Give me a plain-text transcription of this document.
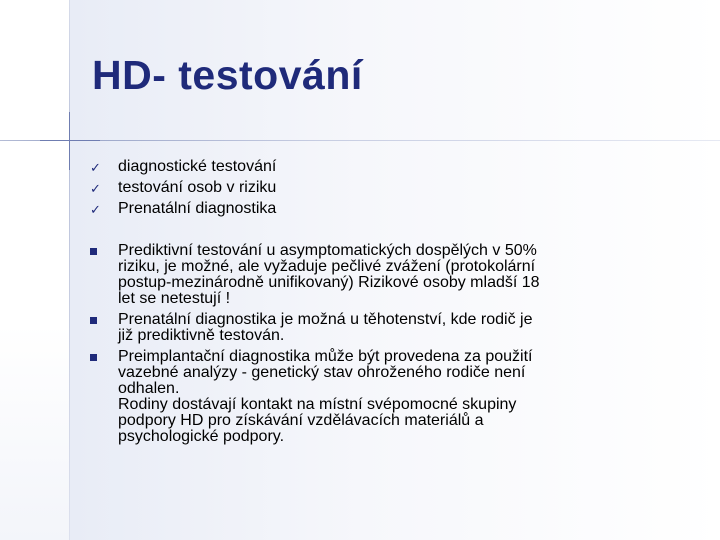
HD- testování
✓ diagnostické testování
✓ testování osob v riziku
✓ Prenatální diagnostika
Prediktivní testování u asymptomatických dospělých v 50%
riziku, je možné, ale vyžaduje pečlivé zvážení (protokolární
postup-mezinárodně unifikovaný) Rizikové osoby mladší 18
let se netestují !
Prenatální diagnostika je možná u těhotenství, kde rodič je
již prediktivně testován.
Preimplantační diagnostika může být provedena za použití
vazebné analýzy - genetický stav ohroženého rodiče není
odhalen.
Rodiny dostávají kontakt na místní svépomocné skupiny
podpory HD pro získávání vzdělávacích materiálů a
psychologické podpory.
